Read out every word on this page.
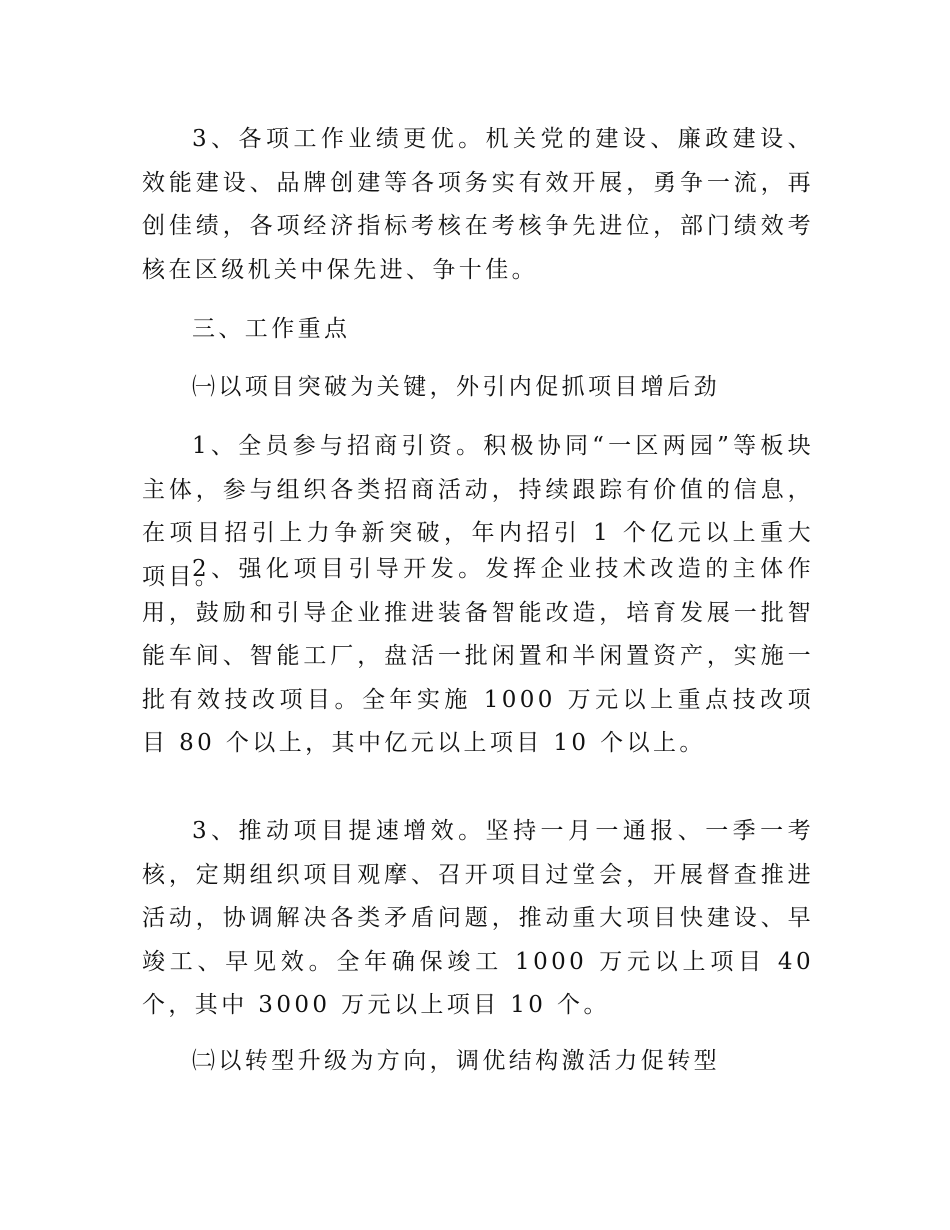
3、各项工作业绩更优。机关党的建设、廉政建设、效能建设、品牌创建等各项务实有效开展，勇争一流，再创佳绩，各项经济指标考核在考核争先进位，部门绩效考核在区级机关中保先进、争十佳。

三、工作重点

㈠以项目突破为关键，外引内促抓项目增后劲

1、全员参与招商引资。积极协同“一区两园”等板块主体，参与组织各类招商活动，持续跟踪有价值的信息，在项目招引上力争新突破，年内招引 1 个亿元以上重大项目。

2、强化项目引导开发。发挥企业技术改造的主体作用，鼓励和引导企业推进装备智能改造，培育发展一批智能车间、智能工厂，盘活一批闲置和半闲置资产，实施一批有效技改项目。全年实施 1000 万元以上重点技改项目 80 个以上，其中亿元以上项目 10 个以上。

3、推动项目提速增效。坚持一月一通报、一季一考核，定期组织项目观摩、召开项目过堂会，开展督查推进活动，协调解决各类矛盾问题，推动重大项目快建设、早竣工、早见效。全年确保竣工 1000 万元以上项目 40 个，其中 3000 万元以上项目 10 个。

㈡以转型升级为方向，调优结构激活力促转型
